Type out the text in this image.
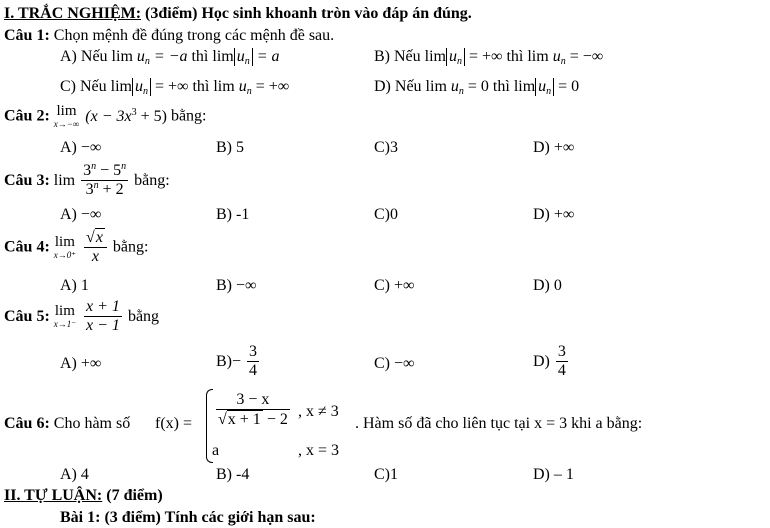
I. TRẮC NGHIỆM: (3điểm) Học sinh khoanh tròn vào đáp án đúng.
Câu 1: Chọn mệnh đề đúng trong các mệnh đề sau.
A) Nếu $\lim u_n = -a$ thì $\lim u_n = a$	B) Nếu $\lim u_n$ = +∞ thì $\lim u_n$ = −∞
C) Nếu $\lim u_n$ = +∞ thì $\lim u_n$ = +∞	D) Nếu $\lim u_n = 0$ thì $\lim u_n = 0$
Câu 2: lim
x→−∞ $(x - 3x^3 + 5)$ bằng:
A) −∞	B) 5	C)3	D) +∞
Câu 3: $\lim \frac{3^n - 5^n}{3^n + 2}$ bằng:
A) −∞	B) -1	C)0	D) +∞
Câu 4: lim
x→0⁺
$\frac{√x}{x}$ bằng:
A) 1	B) −∞	C) +∞	D) 0
Câu 5: lim
x→1⁻
$\frac{x + 1}{x - 1}$ bằng
A) +∞	$B)- \frac{3}{4}$	C) −∞	$D) \frac{3}{4}$
Câu 6: Cho hàm số $f(x) = \frac{3 - x}{√x + 1 - 2}$ , x ≠ 3
a	, x = 3
. Hàm số đã cho liên tục tại x = 3 khi a bằng:
A) 4	B) -4	C)1	D) – 1
II. TỰ LUẬN: (7 điểm)
Bài 1: (3 điểm) Tính các giới hạn sau:
